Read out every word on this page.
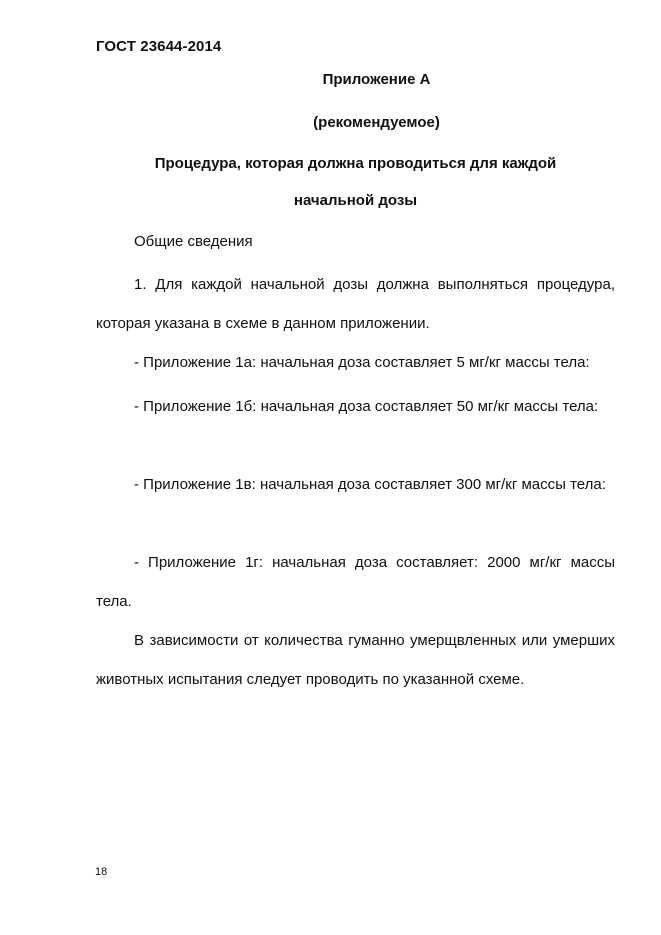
ГОСТ 23644-2014
Приложение А
(рекомендуемое)
Процедура, которая должна проводиться для каждой
начальной дозы
Общие сведения
1. Для каждой начальной дозы должна выполняться процедура, которая указана в схеме в данном приложении.
- Приложение 1а: начальная доза составляет 5 мг/кг массы тела:
- Приложение 1б: начальная доза составляет 50 мг/кг массы тела:
- Приложение 1в: начальная доза составляет 300 мг/кг массы тела:
- Приложение 1г: начальная доза составляет: 2000 мг/кг массы тела.
В зависимости от количества гуманно умерщвленных или умерших животных испытания следует проводить по указанной схеме.
18
